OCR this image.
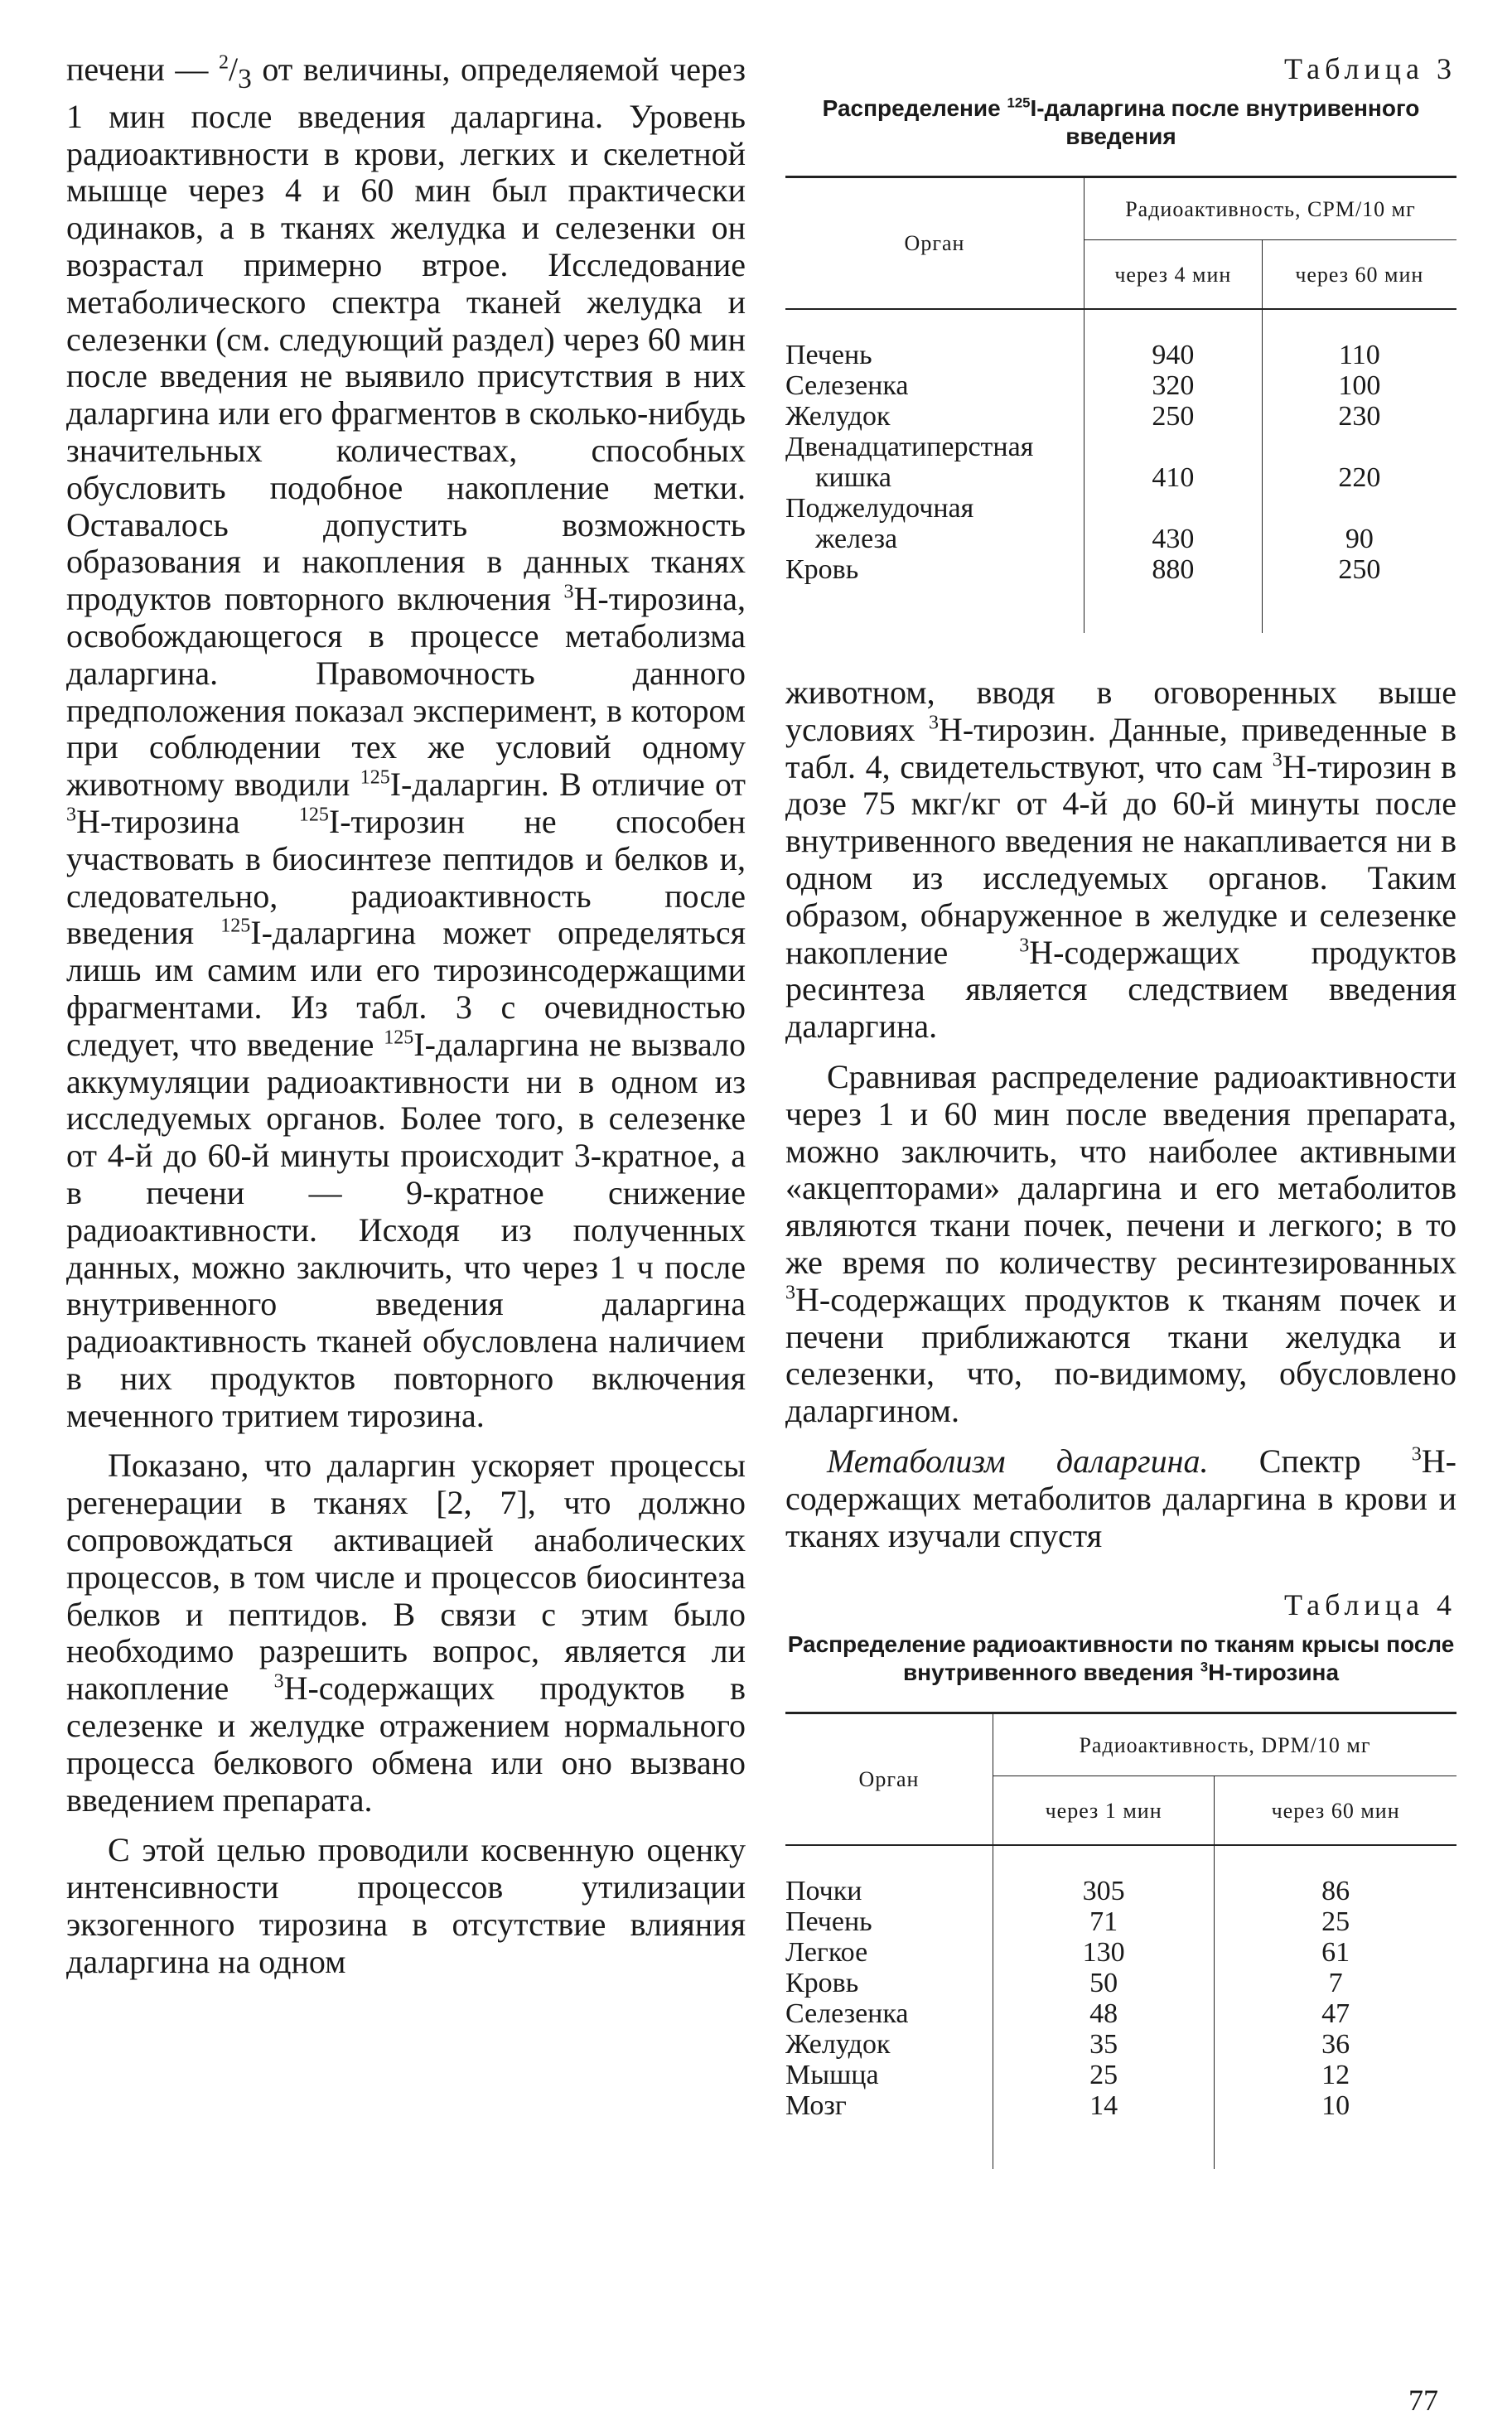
печени — $^2/_3$ от величины, определяемой через 1 мин после введения даларгина. Уровень радиоактивности в крови, легких и скелетной мышце через 4 и 60 мин был практически одинаков, а в тканях желудка и селезенки он возрастал примерно втрое. Исследование метаболического спектра тканей желудка и селезенки (см. следующий раздел) через 60 мин после введения не выявило присутствия в них даларгина или его фрагментов в сколько-нибудь значительных количествах, способных обусловить подобное накопление метки. Оставалось допустить возможность образования и накопления в данных тканях продуктов повторного включения $^3$Н-тирозина, освобождающегося в процессе метаболизма даларгина. Правомочность данного предположения показал эксперимент, в котором при соблюдении тех же условий одному животному вводили $^{125}$I-даларгин. В отличие от $^3$Н-тирозина $^{125}$I-тирозин не способен участвовать в биосинтезе пептидов и белков и, следовательно, радиоактивность после введения $^{125}$I-даларгина может определяться лишь им самим или его тирозинсодержащими фрагментами. Из табл. 3 с очевидностью следует, что введение $^{125}$I-даларгина не вызвало аккумуляции радиоактивности ни в одном из исследуемых органов. Более того, в селезенке от 4-й до 60-й минуты происходит 3-кратное, а в печени — 9-кратное снижение радиоактивности. Исходя из полученных данных, можно заключить, что через 1 ч после внутривенного введения даларгина радиоактивность тканей обусловлена наличием в них продуктов повторного включения меченного тритием тирозина.

Показано, что даларгин ускоряет процессы регенерации в тканях [2, 7], что должно сопровождаться активацией анаболических процессов, в том числе и процессов биосинтеза белков и пептидов. В связи с этим было необходимо разрешить вопрос, является ли накопление $^3$Н-содержащих продуктов в селезенке и желудке отражением нормального процесса белкового обмена или оно вызвано введением препарата.

С этой целью проводили косвенную оценку интенсивности процессов утилизации экзогенного тирозина в отсутствие влияния даларгина на одном

Таблица 3
Распределение $^{125}$I-даларгина после внутривенного введения
Орган	Радиоактивность, CPM/10 мг	
	через 4 мин	через 60 мин
Печень	940	110
Селезенка	320	100
Желудок	250	230
Двенадцатиперстная
кишка	410	220
Поджелудочная
железа	430	90
Кровь	880	250

животном, вводя в оговоренных выше условиях $^3$Н-тирозин. Данные, приведенные в табл. 4, свидетельствуют, что сам $^3$Н-тирозин в дозе 75 мкг/кг от 4-й до 60-й минуты после внутривенного введения не накапливается ни в одном из исследуемых органов. Таким образом, обнаруженное в желудке и селезенке накопление $^3$Н-содержащих продуктов ресинтеза является следствием введения даларгина.

Сравнивая распределение радиоактивности через 1 и 60 мин после введения препарата, можно заключить, что наиболее активными «акцепторами» даларгина и его метаболитов являются ткани почек, печени и легкого; в то же время по количеству ресинтезированных $^3$Н-содержащих продуктов к тканям почек и печени приближаются ткани желудка и селезенки, что, по-видимому, обусловлено даларгином.

Метаболизм даларгина. Спектр $^3$Н-содержащих метаболитов даларгина в крови и тканях изучали спустя

Таблица 4
Распределение радиоактивности по тканям крысы после внутривенного введения $^3$Н-тирозина
Орган	Радиоактивность, DPM/10 мг	
	через 1 мин	через 60 мин
Почки	305	86
Печень	71	25
Легкое	130	61
Кровь	50	7
Селезенка	48	47
Желудок	35	36
Мышца	25	12
Мозг	14	10
77
